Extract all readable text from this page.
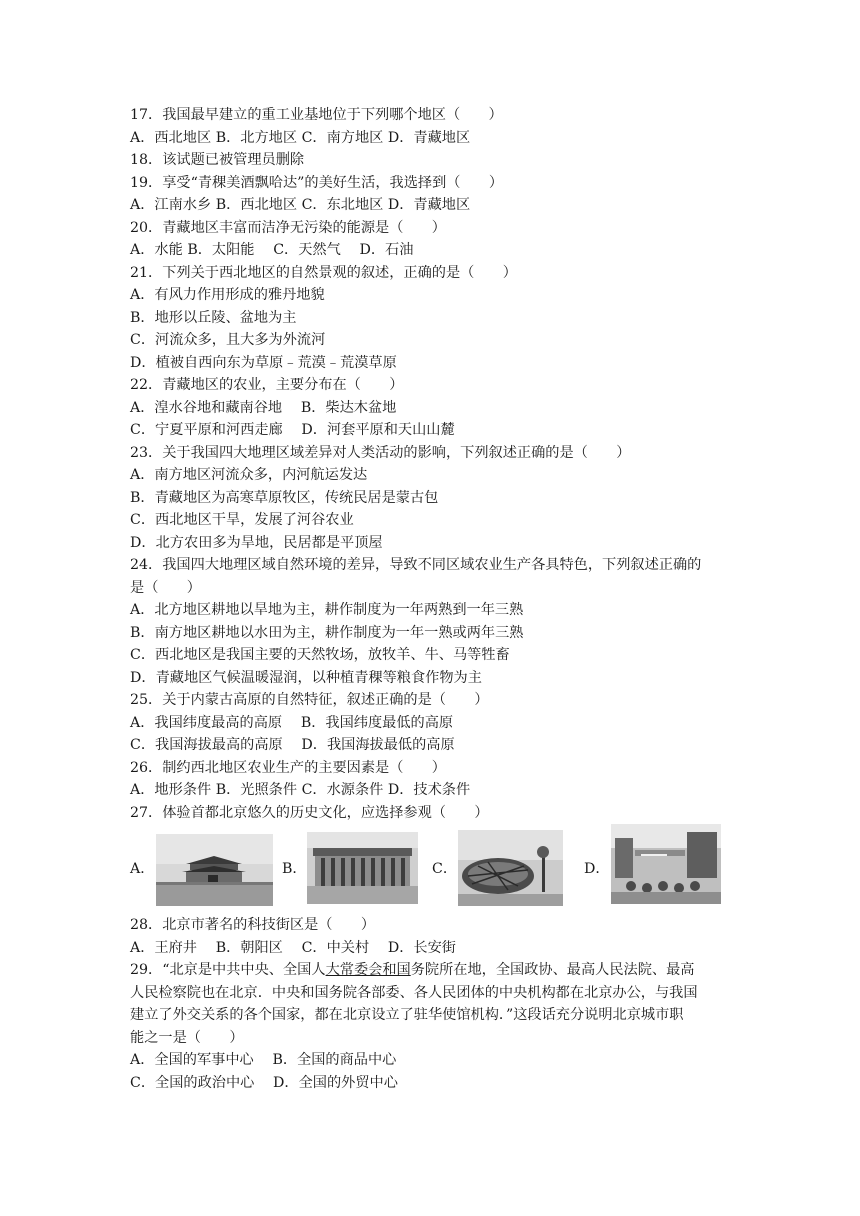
17．我国最早建立的重工业基地位于下列哪个地区（　　）
A．西北地区 B．北方地区 C．南方地区 D．青藏地区
18．该试题已被管理员删除
19．享受“青稞美酒飘哈达”的美好生活，我选择到（　　）
A．江南水乡 B．西北地区 C．东北地区 D．青藏地区
20．青藏地区丰富而洁净无污染的能源是（　　）
A．水能 B．太阳能　 C．天然气　 D．石油
21．下列关于西北地区的自然景观的叙述，正确的是（　　）
A．有风力作用形成的雅丹地貌
B．地形以丘陵、盆地为主
C．河流众多，且大多为外流河
D．植被自西向东为草原﹣荒漠﹣荒漠草原
22．青藏地区的农业，主要分布在（　　）
A．湟水谷地和藏南谷地　 B．柴达木盆地
C．宁夏平原和河西走廊　 D．河套平原和天山山麓
23．关于我国四大地理区域差异对人类活动的影响，下列叙述正确的是（　　）
A．南方地区河流众多，内河航运发达
B．青藏地区为高寒草原牧区，传统民居是蒙古包
C．西北地区干旱，发展了河谷农业
D．北方农田多为旱地，民居都是平顶屋
24．我国四大地理区域自然环境的差异，导致不同区域农业生产各具特色，下列叙述正确的
是（　　）
A．北方地区耕地以旱地为主，耕作制度为一年两熟到一年三熟
B．南方地区耕地以水田为主，耕作制度为一年一熟或两年三熟
C．西北地区是我国主要的天然牧场，放牧羊、牛、马等牲畜
D．青藏地区气候温暖湿润，以种植青稞等粮食作物为主
25．关于内蒙古高原的自然特征，叙述正确的是（　　）
A．我国纬度最高的高原　 B．我国纬度最低的高原
C．我国海拔最高的高原　 D．我国海拔最低的高原
26．制约西北地区农业生产的主要因素是（　　）
A．地形条件 B．光照条件 C．水源条件 D．技术条件
27．体验首都北京悠久的历史文化，应选择参观（　　）
A．	B．	C．	D．
28．北京市著名的科技街区是（　　）
A．王府井　 B．朝阳区　 C．中关村　 D．长安街
29．“北京是中共中央、全国人大常委会和国务院所在地，全国政协、最高人民法院、最高
人民检察院也在北京．中央和国务院各部委、各人民团体的中央机构都在北京办公，与我国
建立了外交关系的各个国家，都在北京设立了驻华使馆机构．”这段话充分说明北京城市职
能之一是（　　）
A．全国的军事中心　 B．全国的商品中心
C．全国的政治中心　 D．全国的外贸中心
